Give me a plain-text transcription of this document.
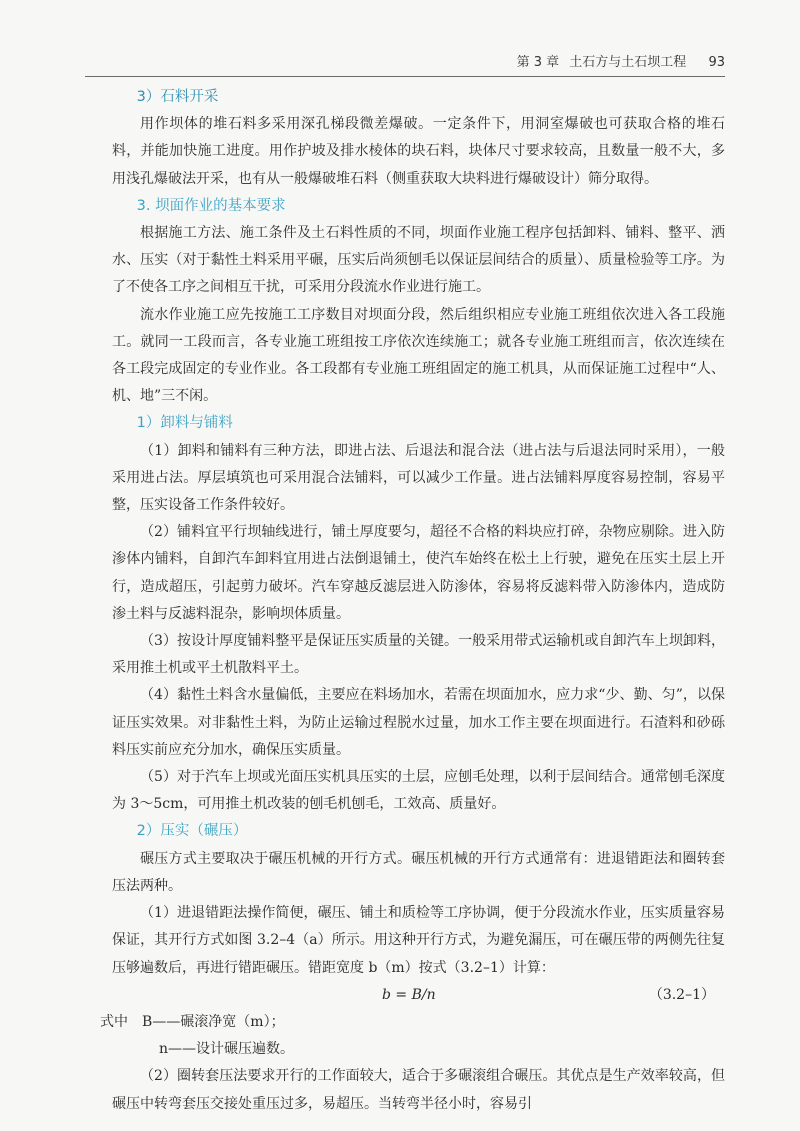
第 3 章 土石方与土石坝工程 93

3）石料开采

用作坝体的堆石料多采用深孔梯段微差爆破。一定条件下，用洞室爆破也可获取合格的堆石料，并能加快施工进度。用作护坡及排水棱体的块石料，块体尺寸要求较高，且数量一般不大，多用浅孔爆破法开采，也有从一般爆破堆石料（侧重获取大块料进行爆破设计）筛分取得。

3. 坝面作业的基本要求

根据施工方法、施工条件及土石料性质的不同，坝面作业施工程序包括卸料、铺料、整平、洒水、压实（对于黏性土料采用平碾，压实后尚须刨毛以保证层间结合的质量）、质量检验等工序。为了不使各工序之间相互干扰，可采用分段流水作业进行施工。

流水作业施工应先按施工工序数目对坝面分段，然后组织相应专业施工班组依次进入各工段施工。就同一工段而言，各专业施工班组按工序依次连续施工；就各专业施工班组而言，依次连续在各工段完成固定的专业作业。各工段都有专业施工班组固定的施工机具，从而保证施工过程中“人、机、地”三不闲。

1）卸料与铺料

（1）卸料和铺料有三种方法，即进占法、后退法和混合法（进占法与后退法同时采用），一般采用进占法。厚层填筑也可采用混合法铺料，可以减少工作量。进占法铺料厚度容易控制，容易平整，压实设备工作条件较好。

（2）铺料宜平行坝轴线进行，铺土厚度要匀，超径不合格的料块应打碎，杂物应剔除。进入防渗体内铺料，自卸汽车卸料宜用进占法倒退铺土，使汽车始终在松土上行驶，避免在压实土层上开行，造成超压，引起剪力破坏。汽车穿越反滤层进入防渗体，容易将反滤料带入防渗体内，造成防渗土料与反滤料混杂，影响坝体质量。

（3）按设计厚度铺料整平是保证压实质量的关键。一般采用带式运输机或自卸汽车上坝卸料，采用推土机或平土机散料平土。

（4）黏性土料含水量偏低，主要应在料场加水，若需在坝面加水，应力求“少、勤、匀”，以保证压实效果。对非黏性土料，为防止运输过程脱水过量，加水工作主要在坝面进行。石渣料和砂砾料压实前应充分加水，确保压实质量。

（5）对于汽车上坝或光面压实机具压实的土层，应刨毛处理，以利于层间结合。通常刨毛深度为 3～5cm，可用推土机改装的刨毛机刨毛，工效高、质量好。

2）压实（碾压）

碾压方式主要取决于碾压机械的开行方式。碾压机械的开行方式通常有：进退错距法和圈转套压法两种。

（1）进退错距法操作简便，碾压、铺土和质检等工序协调，便于分段流水作业，压实质量容易保证，其开行方式如图 3.2–4（a）所示。用这种开行方式，为避免漏压，可在碾压带的两侧先往复压够遍数后，再进行错距碾压。错距宽度 b（m）按式（3.2–1）计算：

b = B/n	（3.2–1）

式中　B——碾滚净宽（m）；

n——设计碾压遍数。

（2）圈转套压法要求开行的工作面较大，适合于多碾滚组合碾压。其优点是生产效率较高，但碾压中转弯套压交接处重压过多，易超压。当转弯半径小时，容易引
